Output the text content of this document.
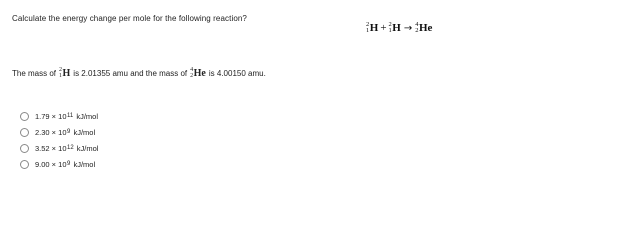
Calculate the energy change per mole for the following reaction?
2
1 H + 2
1 H → 4
2 He
The mass of 2
1 H is 2.01355 amu and the mass of 4
2 He is 4.00150 amu.
1.79 × 10 11
kJ/mol
2.30 × 10 9
kJ/mol
3.52 × 10 12
kJ/mol
9.00 × 10 9
kJ/mol
